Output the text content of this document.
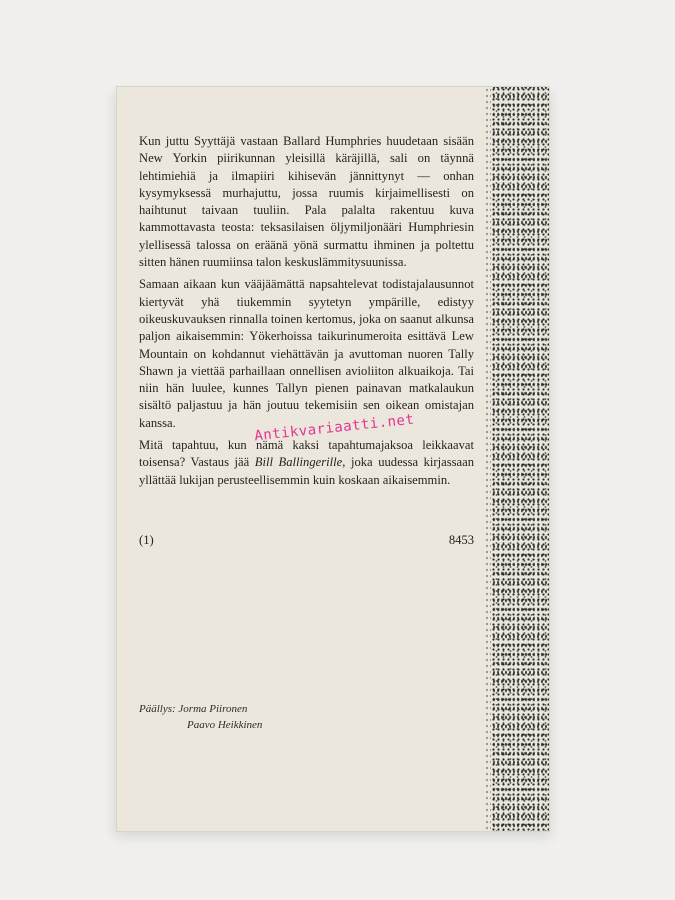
Kun juttu Syyttäjä vastaan Ballard Humphries huudetaan sisään New Yorkin piirikunnan yleisillä käräjillä, sali on täynnä lehtimiehiä ja ilmapiiri kihisevän jännittynyt — onhan kysymyksessä murhajuttu, jossa ruumis kirjaimellisesti on haihtunut taivaan tuuliin. Pala palalta rakentuu kuva kammottavasta teosta: teksasilaisen öljymiljonääri Humphriesin ylellisessä talossa on eräänä yönä surmattu ihminen ja poltettu sitten hänen ruumiinsa talon keskuslämmitysuunissa.

Samaan aikaan kun vääjäämättä napsahtelevat todistajalausunnot kiertyvät yhä tiukemmin syytetyn ympärille, edistyy oikeuskuvauksen rinnalla toinen kertomus, joka on saanut alkunsa paljon aikaisemmin: Yökerhoissa taikurinumeroita esittävä Lew Mountain on kohdannut viehättävän ja avuttoman nuoren Tally Shawn ja viettää parhaillaan onnellisen avioliiton alkuaikoja. Tai niin hän luulee, kunnes Tallyn pienen painavan matkalaukun sisältö paljastuu ja hän joutuu tekemisiin sen oikean omistajan kanssa.

Mitä tapahtuu, kun nämä kaksi tapahtumajaksoa leikkaavat toisensa? Vastaus jää Bill Ballingerille, joka uudessa kirjassaan yllättää lukijan perusteellisemmin kuin koskaan aikaisemmin.

(1)	8453
Päällys: Jorma Piironen
Paavo Heikkinen
Antikvariaatti.net
